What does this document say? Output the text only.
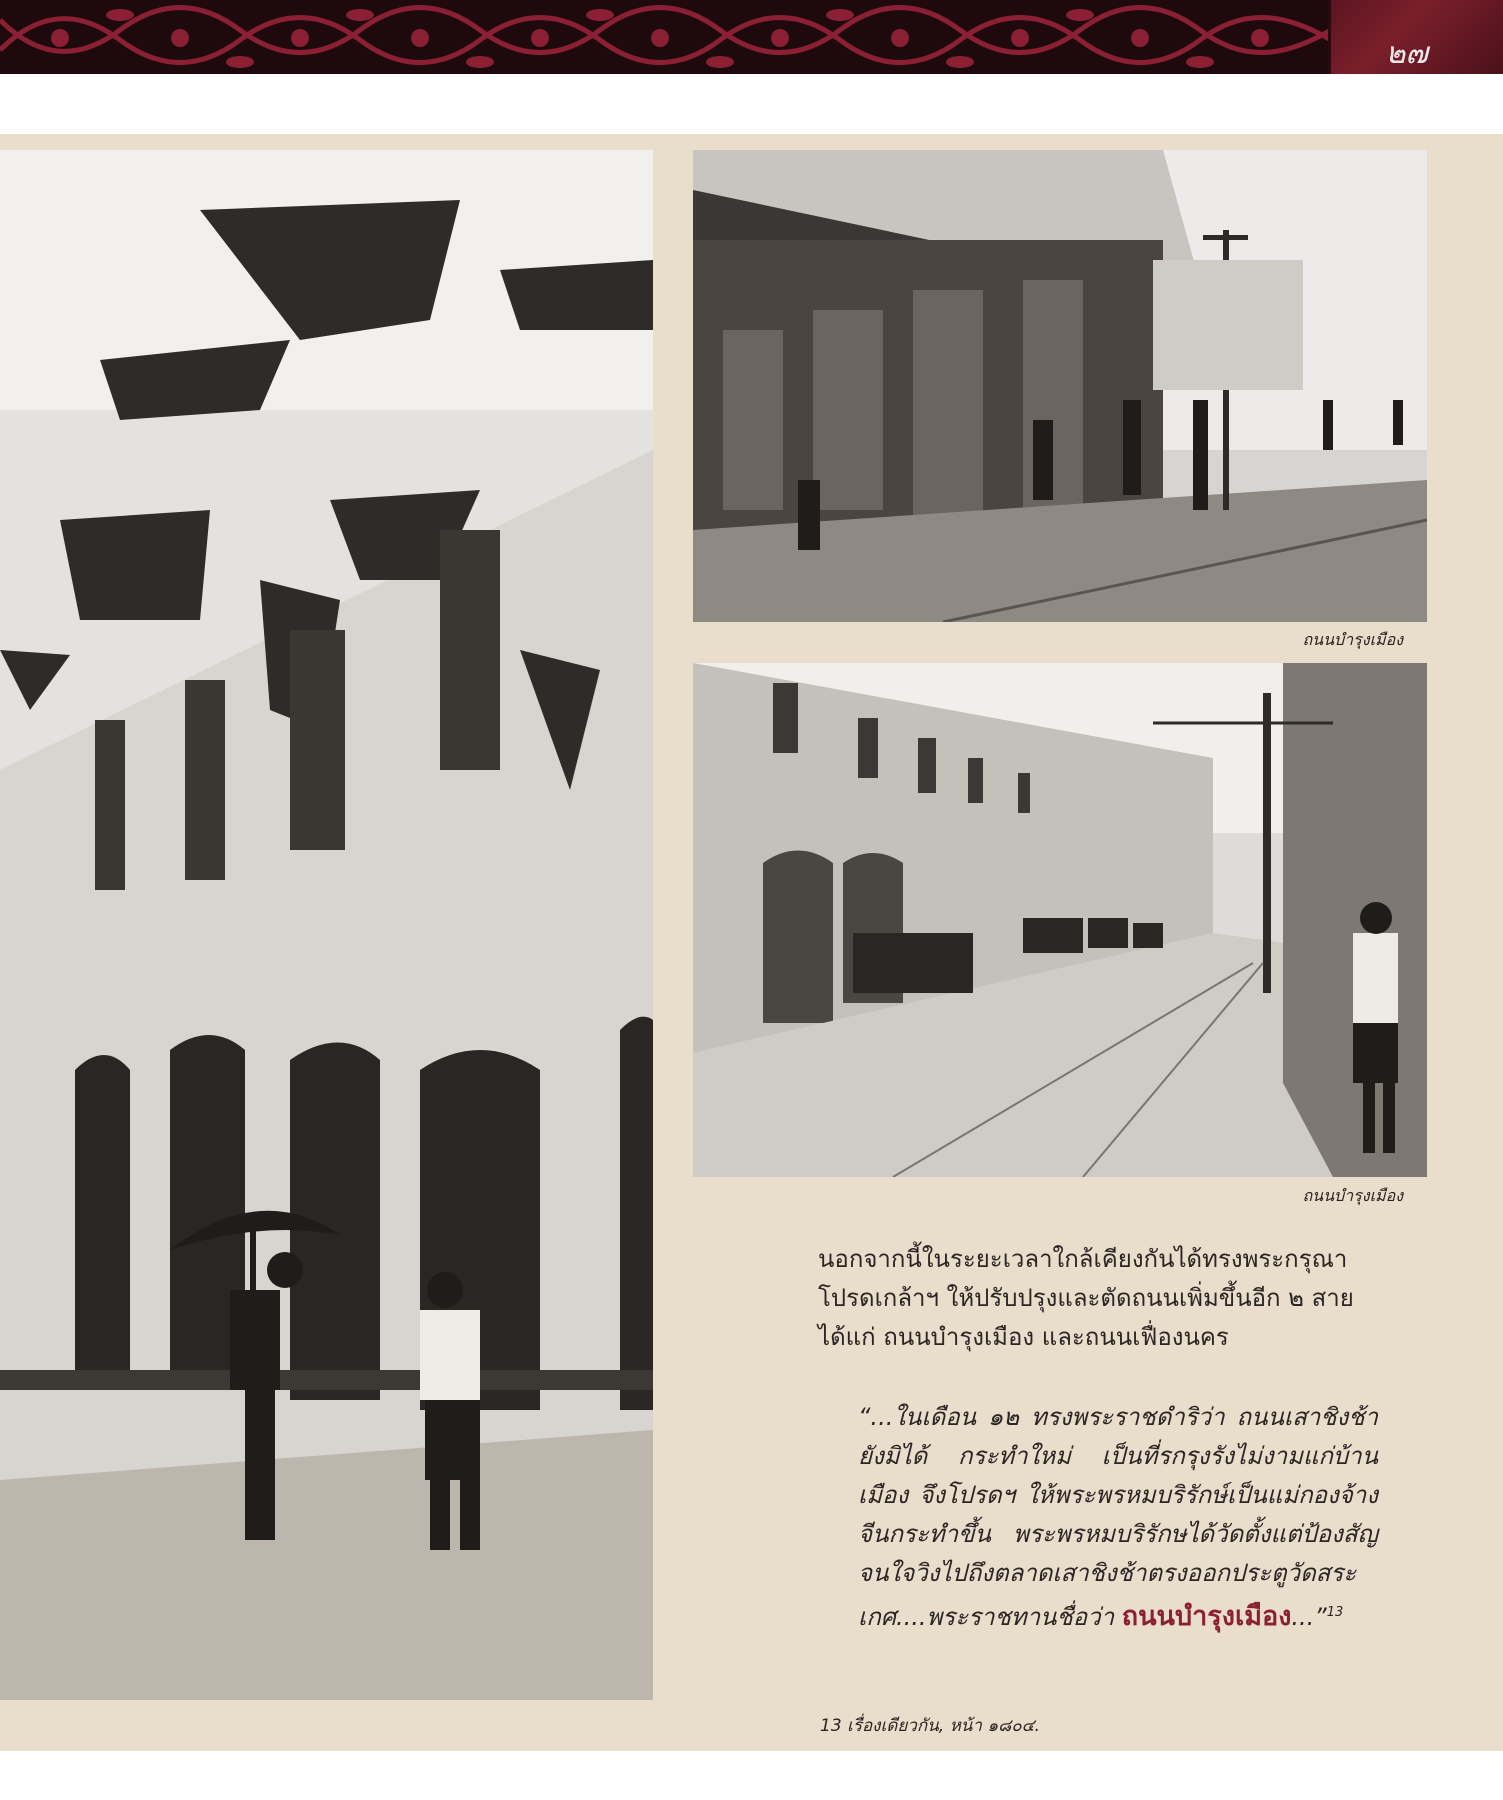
๒๗
ถนนบำรุงเมือง
ถนนบำรุงเมือง

นอกจากนี้ในระยะเวลาใกล้เคียงกันได้ทรงพระกรุณา
โปรดเกล้าฯ ให้ปรับปรุงและตัดถนนเพิ่มขึ้นอีก ๒ สาย
ได้แก่ ถนนบำรุงเมือง และถนนเฟื่องนคร

“...ในเดือน ๑๒ ทรงพระราชดำริว่า ถนนเสาชิงช้ายังมิได้ กระทำใหม่ เป็นที่รกรุงรังไม่งามแก่บ้านเมือง จึงโปรดฯ ให้พระพรหมบริรักษ์เป็นแม่กองจ้างจีนกระทำขึ้น พระพรหมบริรักษได้วัดตั้งแต่ป้องสัญจนใจวิงไปถึงตลาดเสาชิงช้าตรงออกประตูวัดสระเกศ....พระราชทานชื่อว่า ถนนบำรุงเมือง...”$^{13}$

13 เรื่องเดียวกัน, หน้า ๑๘๐๔.
